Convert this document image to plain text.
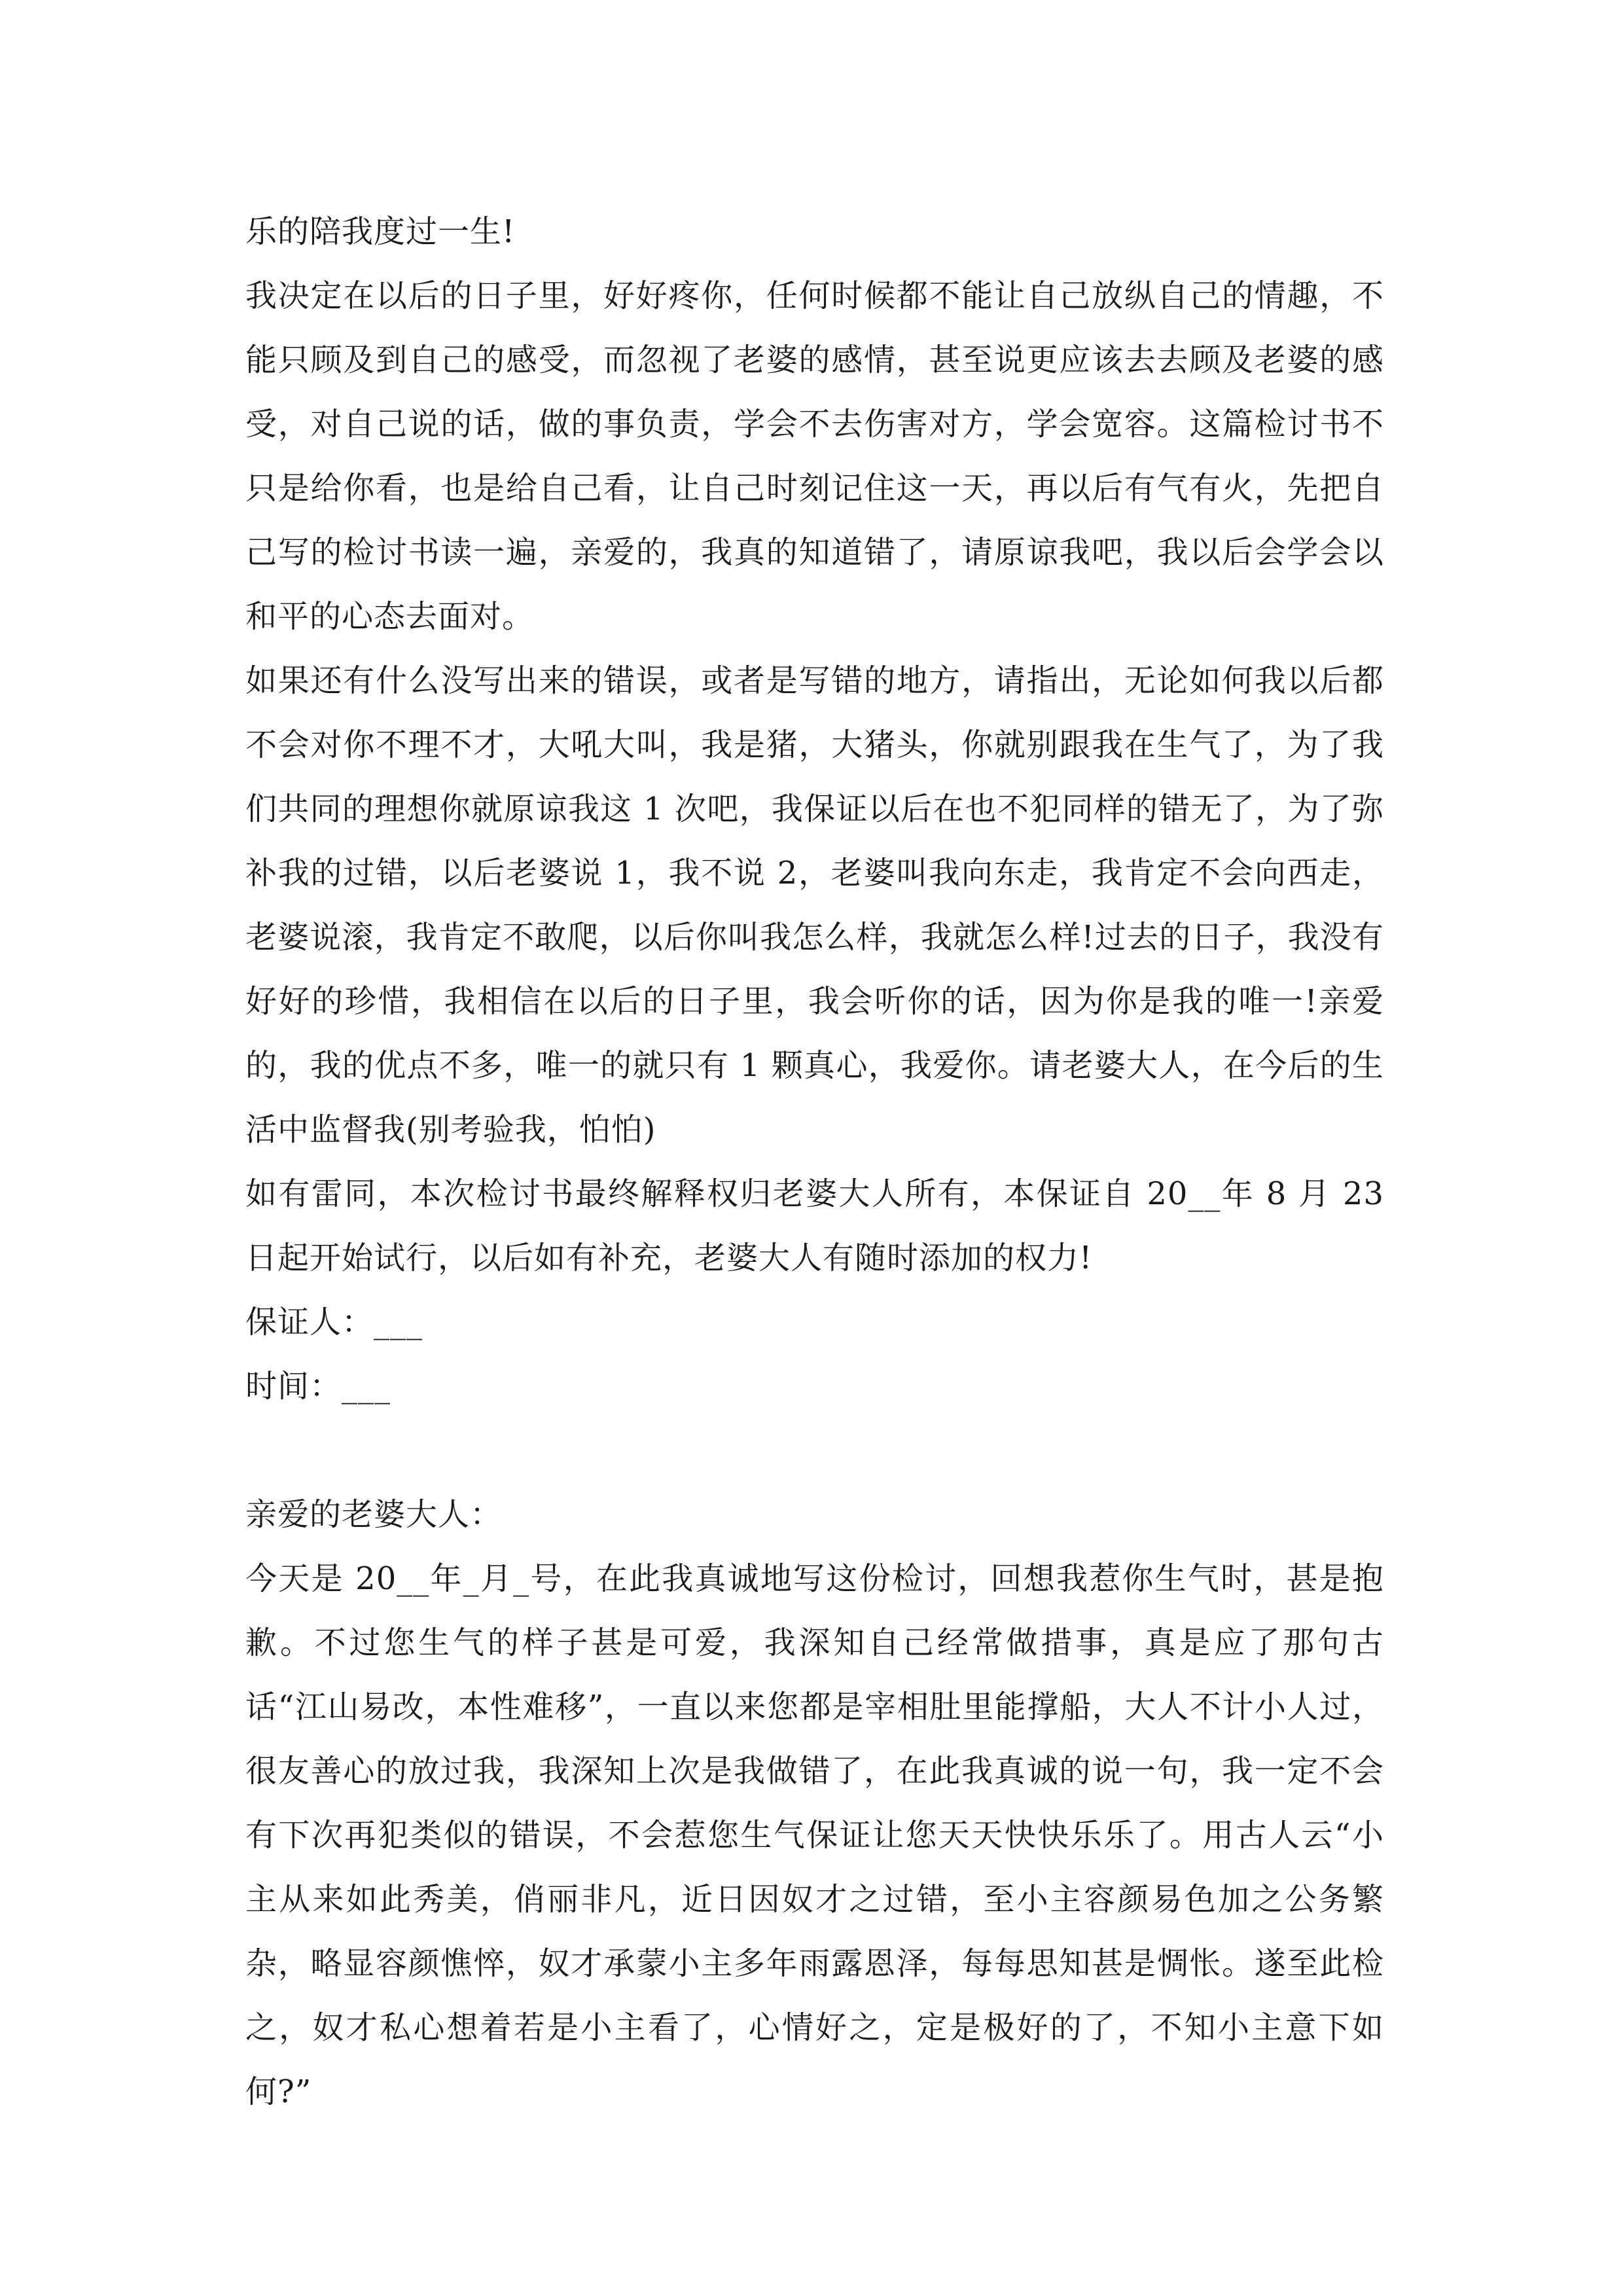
乐的陪我度过一生!

我决定在以后的日子里，好好疼你，任何时候都不能让自己放纵自己的情趣，不能只顾及到自己的感受，而忽视了老婆的感情，甚至说更应该去去顾及老婆的感受，对自己说的话，做的事负责，学会不去伤害对方，学会宽容。这篇检讨书不只是给你看，也是给自己看，让自己时刻记住这一天，再以后有气有火，先把自己写的检讨书读一遍，亲爱的，我真的知道错了，请原谅我吧，我以后会学会以和平的心态去面对。

如果还有什么没写出来的错误，或者是写错的地方，请指出，无论如何我以后都不会对你不理不才，大吼大叫，我是猪，大猪头，你就别跟我在生气了，为了我们共同的理想你就原谅我这 1 次吧，我保证以后在也不犯同样的错无了，为了弥补我的过错，以后老婆说 1，我不说 2，老婆叫我向东走，我肯定不会向西走，老婆说滚，我肯定不敢爬，以后你叫我怎么样，我就怎么样!过去的日子，我没有好好的珍惜，我相信在以后的日子里，我会听你的话，因为你是我的唯一!亲爱的，我的优点不多，唯一的就只有 1 颗真心，我爱你。请老婆大人，在今后的生活中监督我(别考验我，怕怕)

如有雷同，本次检讨书最终解释权归老婆大人所有，本保证自 20__年 8 月 23 日起开始试行，以后如有补充，老婆大人有随时添加的权力!

保证人：___

时间：___

亲爱的老婆大人：

今天是 20__年_月_号，在此我真诚地写这份检讨，回想我惹你生气时，甚是抱歉。不过您生气的样子甚是可爱，我深知自己经常做措事，真是应了那句古话“江山易改，本性难移”，一直以来您都是宰相肚里能撑船，大人不计小人过，很友善心的放过我，我深知上次是我做错了，在此我真诚的说一句，我一定不会有下次再犯类似的错误，不会惹您生气保证让您天天快快乐乐了。用古人云“小主从来如此秀美，俏丽非凡，近日因奴才之过错，至小主容颜易色加之公务繁杂，略显容颜憔悴，奴才承蒙小主多年雨露恩泽，每每思知甚是惆怅。遂至此检之，奴才私心想着若是小主看了，心情好之，定是极好的了，不知小主意下如何?”
